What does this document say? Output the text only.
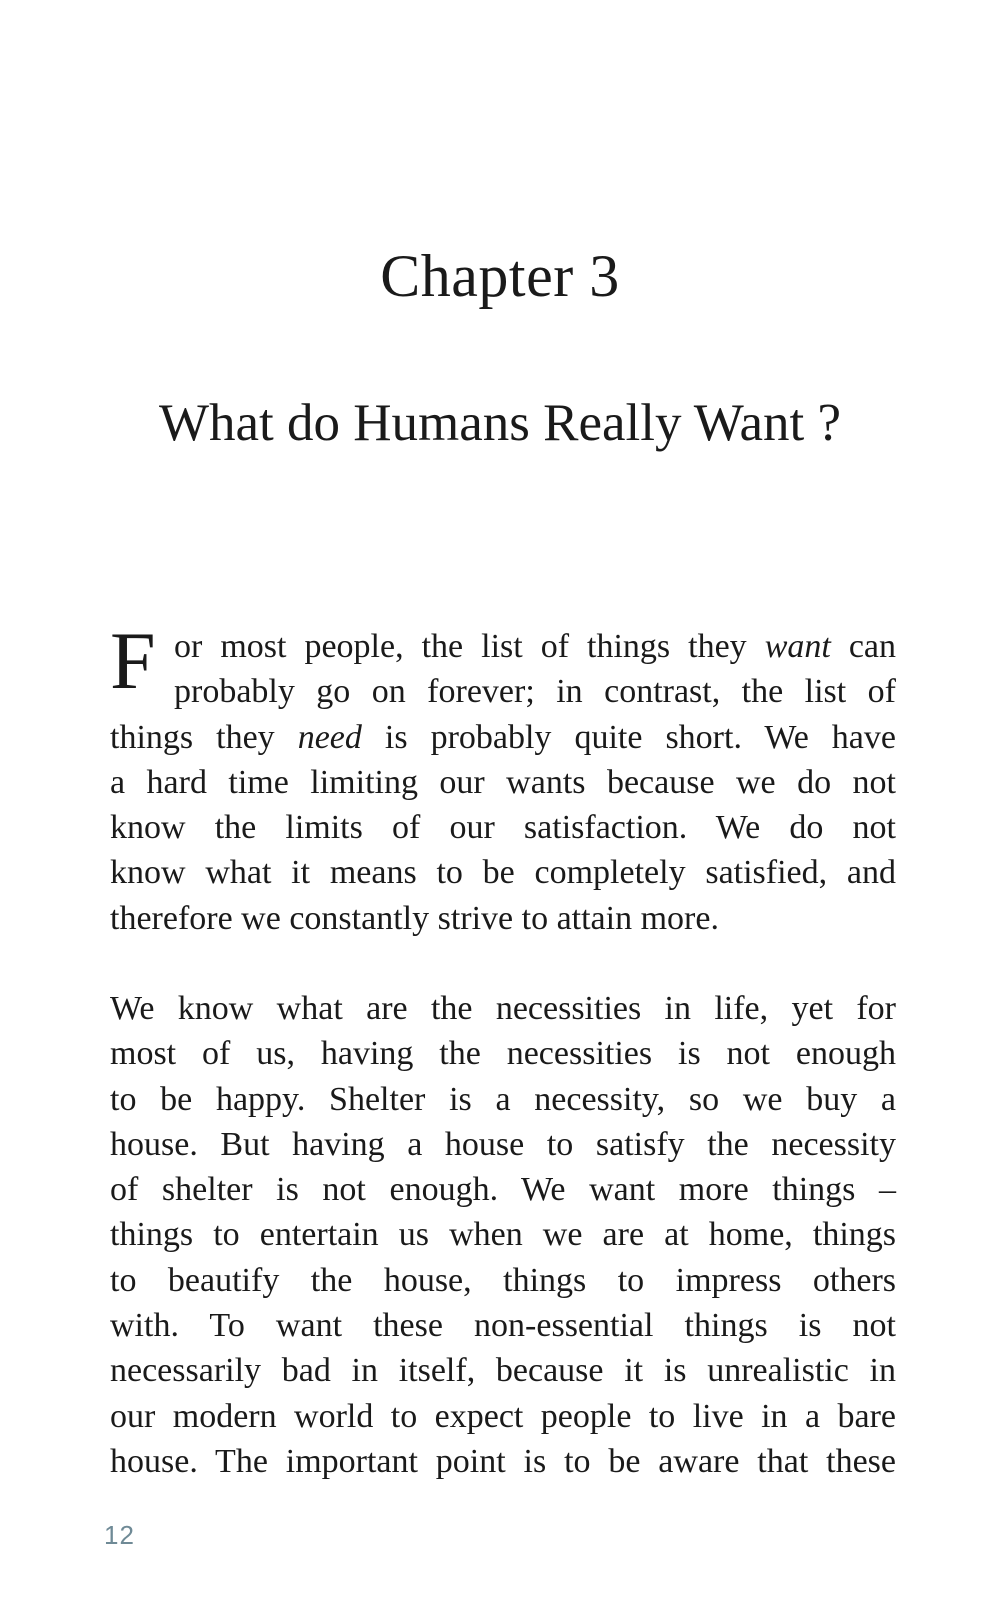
Chapter 3
What do Humans Really Want ?
F or most people, the list of things they want can
probably go on forever; in contrast, the list of
things they need is probably quite short. We have
a hard time limiting our wants because we do not
know the limits of our satisfaction. We do not
know what it means to be completely satisfied, and
therefore we constantly strive to attain more.
We know what are the necessities in life, yet for
most of us, having the necessities is not enough
to be happy. Shelter is a necessity, so we buy a
house. But having a house to satisfy the necessity
of shelter is not enough. We want more things –
things to entertain us when we are at home, things
to beautify the house, things to impress others
with. To want these non-essential things is not
necessarily bad in itself, because it is unrealistic in
our modern world to expect people to live in a bare
house. The important point is to be aware that these
12
